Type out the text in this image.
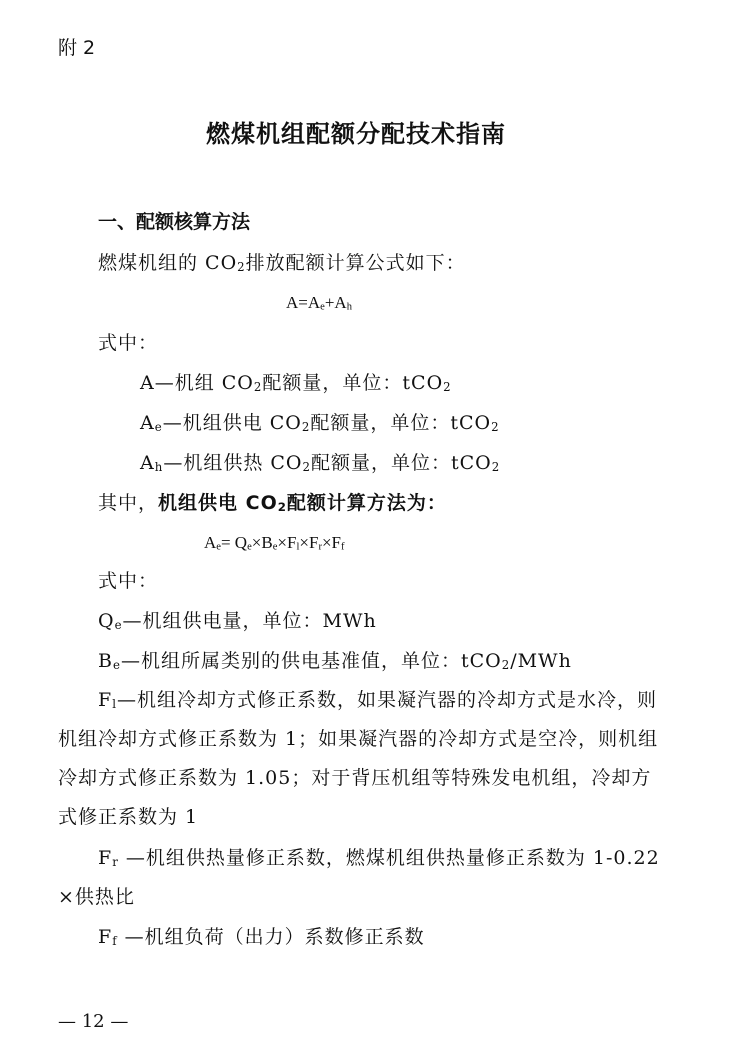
附 2
燃煤机组配额分配技术指南
一、配额核算方法
燃煤机组的 $CO_2$排放配额计算公式如下：
$A=A_e+A_h$
式中：
A—机组 $CO_2$配额量，单位：tCO$_2$
$A_e—$机组供电 $CO_2$配额量，单位：tCO$_2$
$A_h—$机组供热 $CO_2$配额量，单位：tCO$_2$
其中，机组供电 $CO_2$配额计算方法为：
$A_e= Q_e\times B_e\times F_l\times F_r\times F_f$
式中：
$Q_e—$机组供电量，单位：MWh
$B_e—$机组所属类别的供电基准值，单位：tCO$_2$/MWh
$F_l—$机组冷却方式修正系数，如果凝汽器的冷却方式是水冷，则
机组冷却方式修正系数为 1；如果凝汽器的冷却方式是空冷，则机组
冷却方式修正系数为 1.05；对于背压机组等特殊发电机组，冷却方
式修正系数为 1
$F_r$ —机组供热量修正系数，燃煤机组供热量修正系数为 1-0.22
×供热比
$F_f$ —机组负荷（出力）系数修正系数
— 12 —
